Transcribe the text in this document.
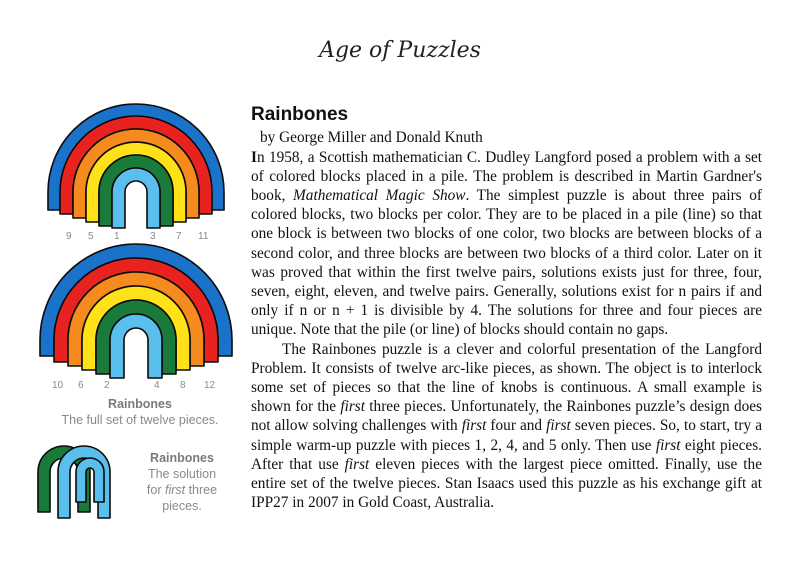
Age of Puzzles
9 5 1	3 7 11
10 6 2	4 8 12
Rainbones
The full set of twelve pieces.
Rainbones
The solution
for first three
pieces.
Rainbones
by George Miller and Donald Knuth

In 1958, a Scottish mathematician C. Dudley Langford posed a problem with a set of colored blocks placed in a pile. The problem is described in Martin Gardner's book, Mathematical Magic Show. The simplest puzzle is about three pairs of colored blocks, two blocks per color. They are to be placed in a pile (line) so that one block is between two blocks of one color, two blocks are between blocks of a second color, and three blocks are between two blocks of a third color. Later on it was proved that within the first twelve pairs, solutions exists just for three, four, seven, eight, eleven, and twelve pairs. Generally, solutions exist for n pairs if and only if n or n + 1 is divisible by 4. The solutions for three and four pieces are unique. Note that the pile (or line) of blocks should contain no gaps.

The Rainbones puzzle is a clever and colorful presentation of the Langford Problem. It consists of twelve arc-like pieces, as shown. The object is to interlock some set of pieces so that the line of knobs is continuous. A small example is shown for the first three pieces. Unfortunately, the Rainbones puzzle’s design does not allow solving challenges with first four and first seven pieces. So, to start, try a simple warm-up puzzle with pieces 1, 2, 4, and 5 only. Then use first eight pieces. After that use first eleven pieces with the largest piece omitted. Finally, use the entire set of the twelve pieces. Stan Isaacs used this puzzle as his exchange gift at IPP27 in 2007 in Gold Coast, Australia.
